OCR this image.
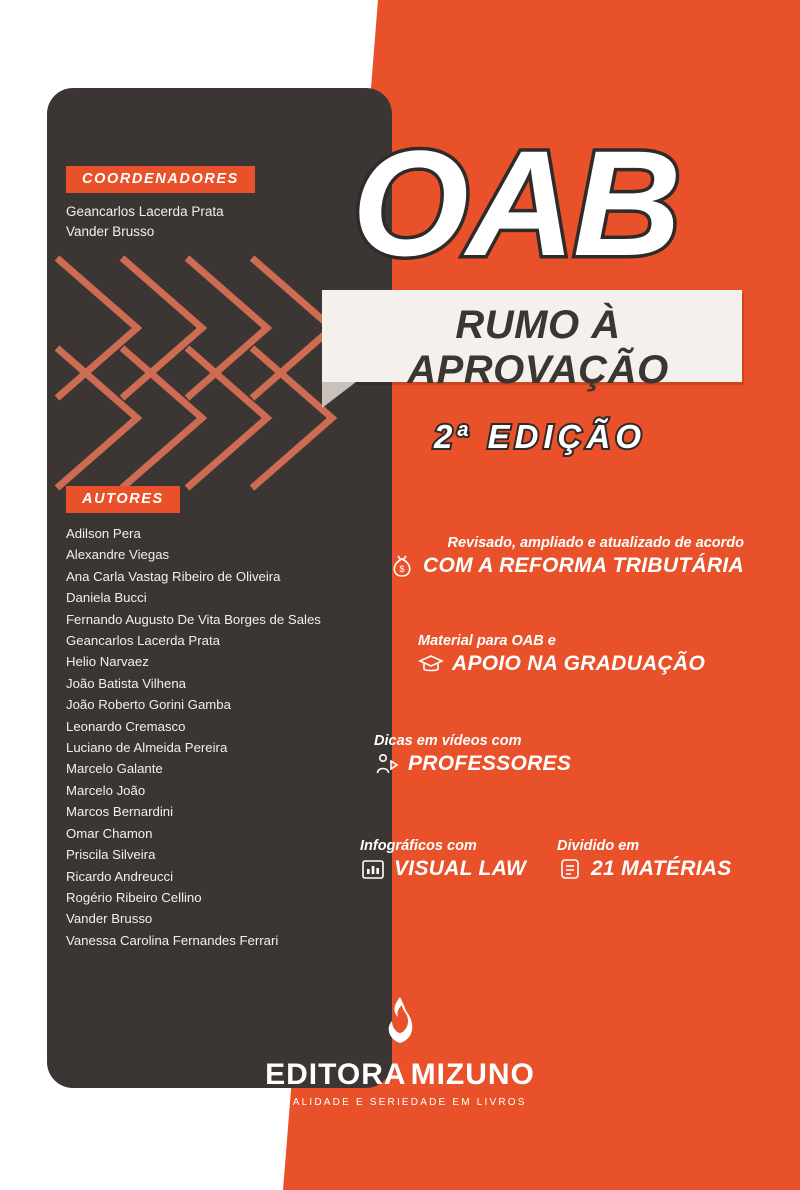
COORDENADORES
Geancarlos Lacerda Prata
Vander Brusso
AUTORES
Adilson Pera
Alexandre Viegas
Ana Carla Vastag Ribeiro de Oliveira
Daniela Bucci
Fernando Augusto De Vita Borges de Sales
Geancarlos Lacerda Prata
Helio Narvaez
João Batista Vilhena
João Roberto Gorini Gamba
Leonardo Cremasco
Luciano de Almeida Pereira
Marcelo Galante
Marcelo João
Marcos Bernardini
Omar Chamon
Priscila Silveira
Ricardo Andreucci
Rogério Ribeiro Cellino
Vander Brusso
Vanessa Carolina Fernandes Ferrari
OAB
RUMO À APROVAÇÃO
2$^a$ EDIÇÃO
Revisado, ampliado e atualizado de acordo
$ COM A REFORMA TRIBUTÁRIA
Material para OAB e
APOIO NA GRADUAÇÃO
Dicas em vídeos com
PROFESSORES
Infográficos com
VISUAL LAW
Dividido em
21 MATÉRIAS
EDITORA MIZUNO
QUALIDADE E SERIEDADE EM LIVROS
